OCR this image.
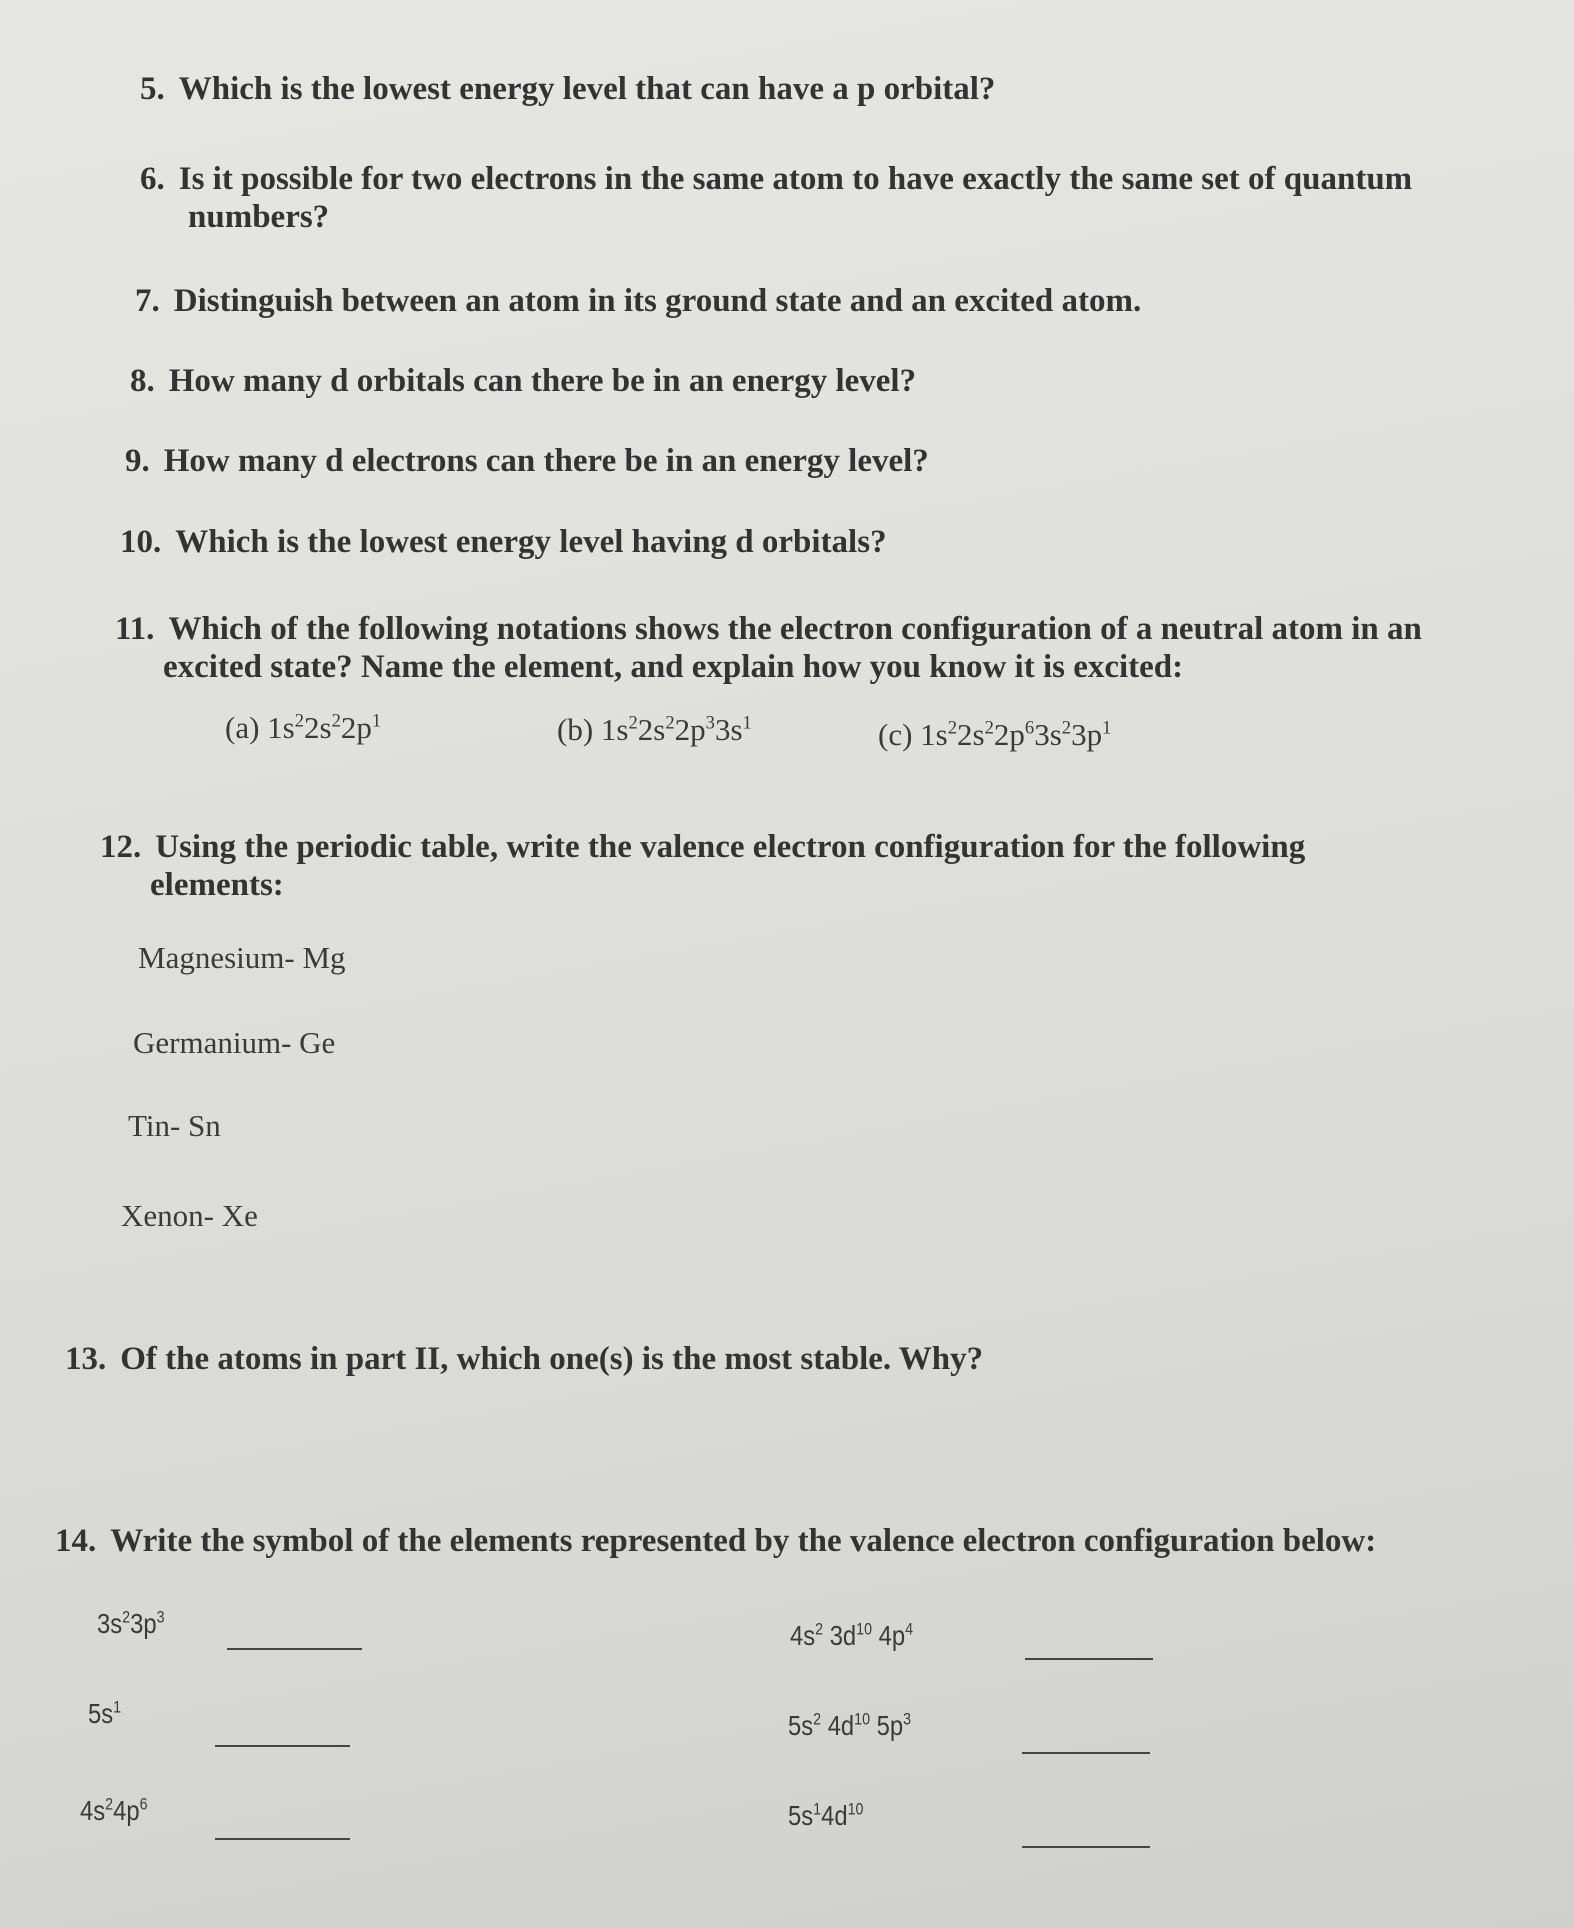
5. Which is the lowest energy level that can have a p orbital?
6. Is it possible for two electrons in the same atom to have exactly the same set of quantum
numbers?
7. Distinguish between an atom in its ground state and an excited atom.
8. How many d orbitals can there be in an energy level?
9. How many d electrons can there be in an energy level?
10. Which is the lowest energy level having d orbitals?
11. Which of the following notations shows the electron configuration of a neutral atom in an
excited state? Name the element, and explain how you know it is excited:
(a) $1s^22s^22p^1$	(b) $1s^22s^22p^33s^1$	(c) $1s^22s^22p^63s^23p^1$
12. Using the periodic table, write the valence electron configuration for the following
elements:
Magnesium- Mg
Germanium- Ge
Tin- Sn
Xenon- Xe
13. Of the atoms in part II, which one(s) is the most stable. Why?
14. Write the symbol of the elements represented by the valence electron configuration below:
$3s^23p^3$
$5s^1$
$4s^24p^6$
$4s^2$ $3d^{10}$ $4p^4$
$5s^2$ $4d^{10}$ $5p^3$
$5s^14d^{10}$
